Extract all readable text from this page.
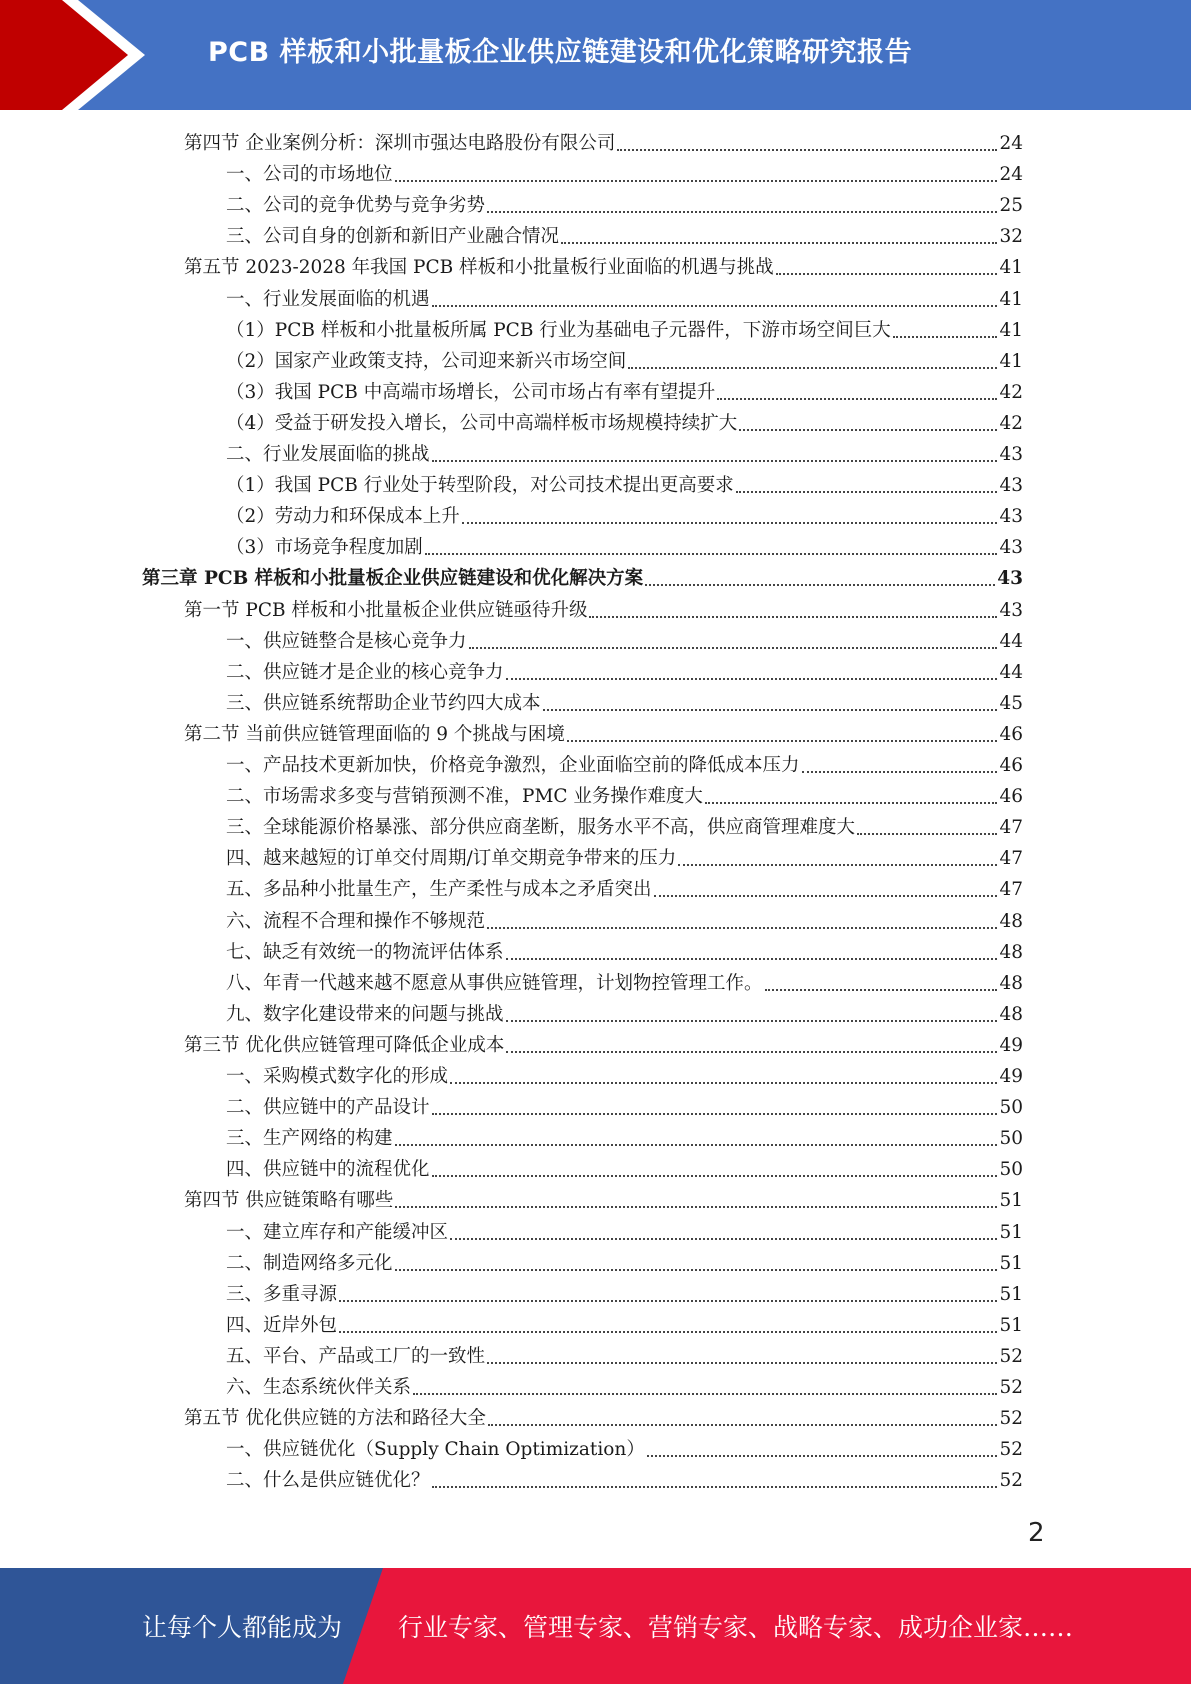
PCB 样板和小批量板企业供应链建设和优化策略研究报告
第四节 企业案例分析：深圳市强达电路股份有限公司	24
一、公司的市场地位	24
二、公司的竞争优势与竞争劣势	25
三、公司自身的创新和新旧产业融合情况	32
第五节 2023-2028 年我国 PCB 样板和小批量板行业面临的机遇与挑战	41
一、行业发展面临的机遇	41
（1）PCB 样板和小批量板所属 PCB 行业为基础电子元器件，下游市场空间巨大	41
（2）国家产业政策支持，公司迎来新兴市场空间	41
（3）我国 PCB 中高端市场增长，公司市场占有率有望提升	42
（4）受益于研发投入增长，公司中高端样板市场规模持续扩大	42
二、行业发展面临的挑战	43
（1）我国 PCB 行业处于转型阶段，对公司技术提出更高要求	43
（2）劳动力和环保成本上升	43
（3）市场竞争程度加剧	43
第三章 PCB 样板和小批量板企业供应链建设和优化解决方案	43
第一节 PCB 样板和小批量板企业供应链亟待升级	43
一、供应链整合是核心竞争力	44
二、供应链才是企业的核心竞争力	44
三、供应链系统帮助企业节约四大成本	45
第二节 当前供应链管理面临的 9 个挑战与困境	46
一、产品技术更新加快，价格竞争激烈，企业面临空前的降低成本压力	46
二、市场需求多变与营销预测不准，PMC 业务操作难度大	46
三、全球能源价格暴涨、部分供应商垄断，服务水平不高，供应商管理难度大	47
四、越来越短的订单交付周期/订单交期竞争带来的压力	47
五、多品种小批量生产，生产柔性与成本之矛盾突出	47
六、流程不合理和操作不够规范	48
七、缺乏有效统一的物流评估体系	48
八、年青一代越来越不愿意从事供应链管理，计划物控管理工作。	48
九、数字化建设带来的问题与挑战	48
第三节 优化供应链管理可降低企业成本	49
一、采购模式数字化的形成	49
二、供应链中的产品设计	50
三、生产网络的构建	50
四、供应链中的流程优化	50
第四节 供应链策略有哪些	51
一、建立库存和产能缓冲区	51
二、制造网络多元化	51
三、多重寻源	51
四、近岸外包	51
五、平台、产品或工厂的一致性	52
六、生态系统伙伴关系	52
第五节 优化供应链的方法和路径大全	52
一、供应链优化（Supply Chain Optimization）	52
二、什么是供应链优化？	52
2
让每个人都能成为 行业专家、管理专家、营销专家、战略专家、成功企业家……
